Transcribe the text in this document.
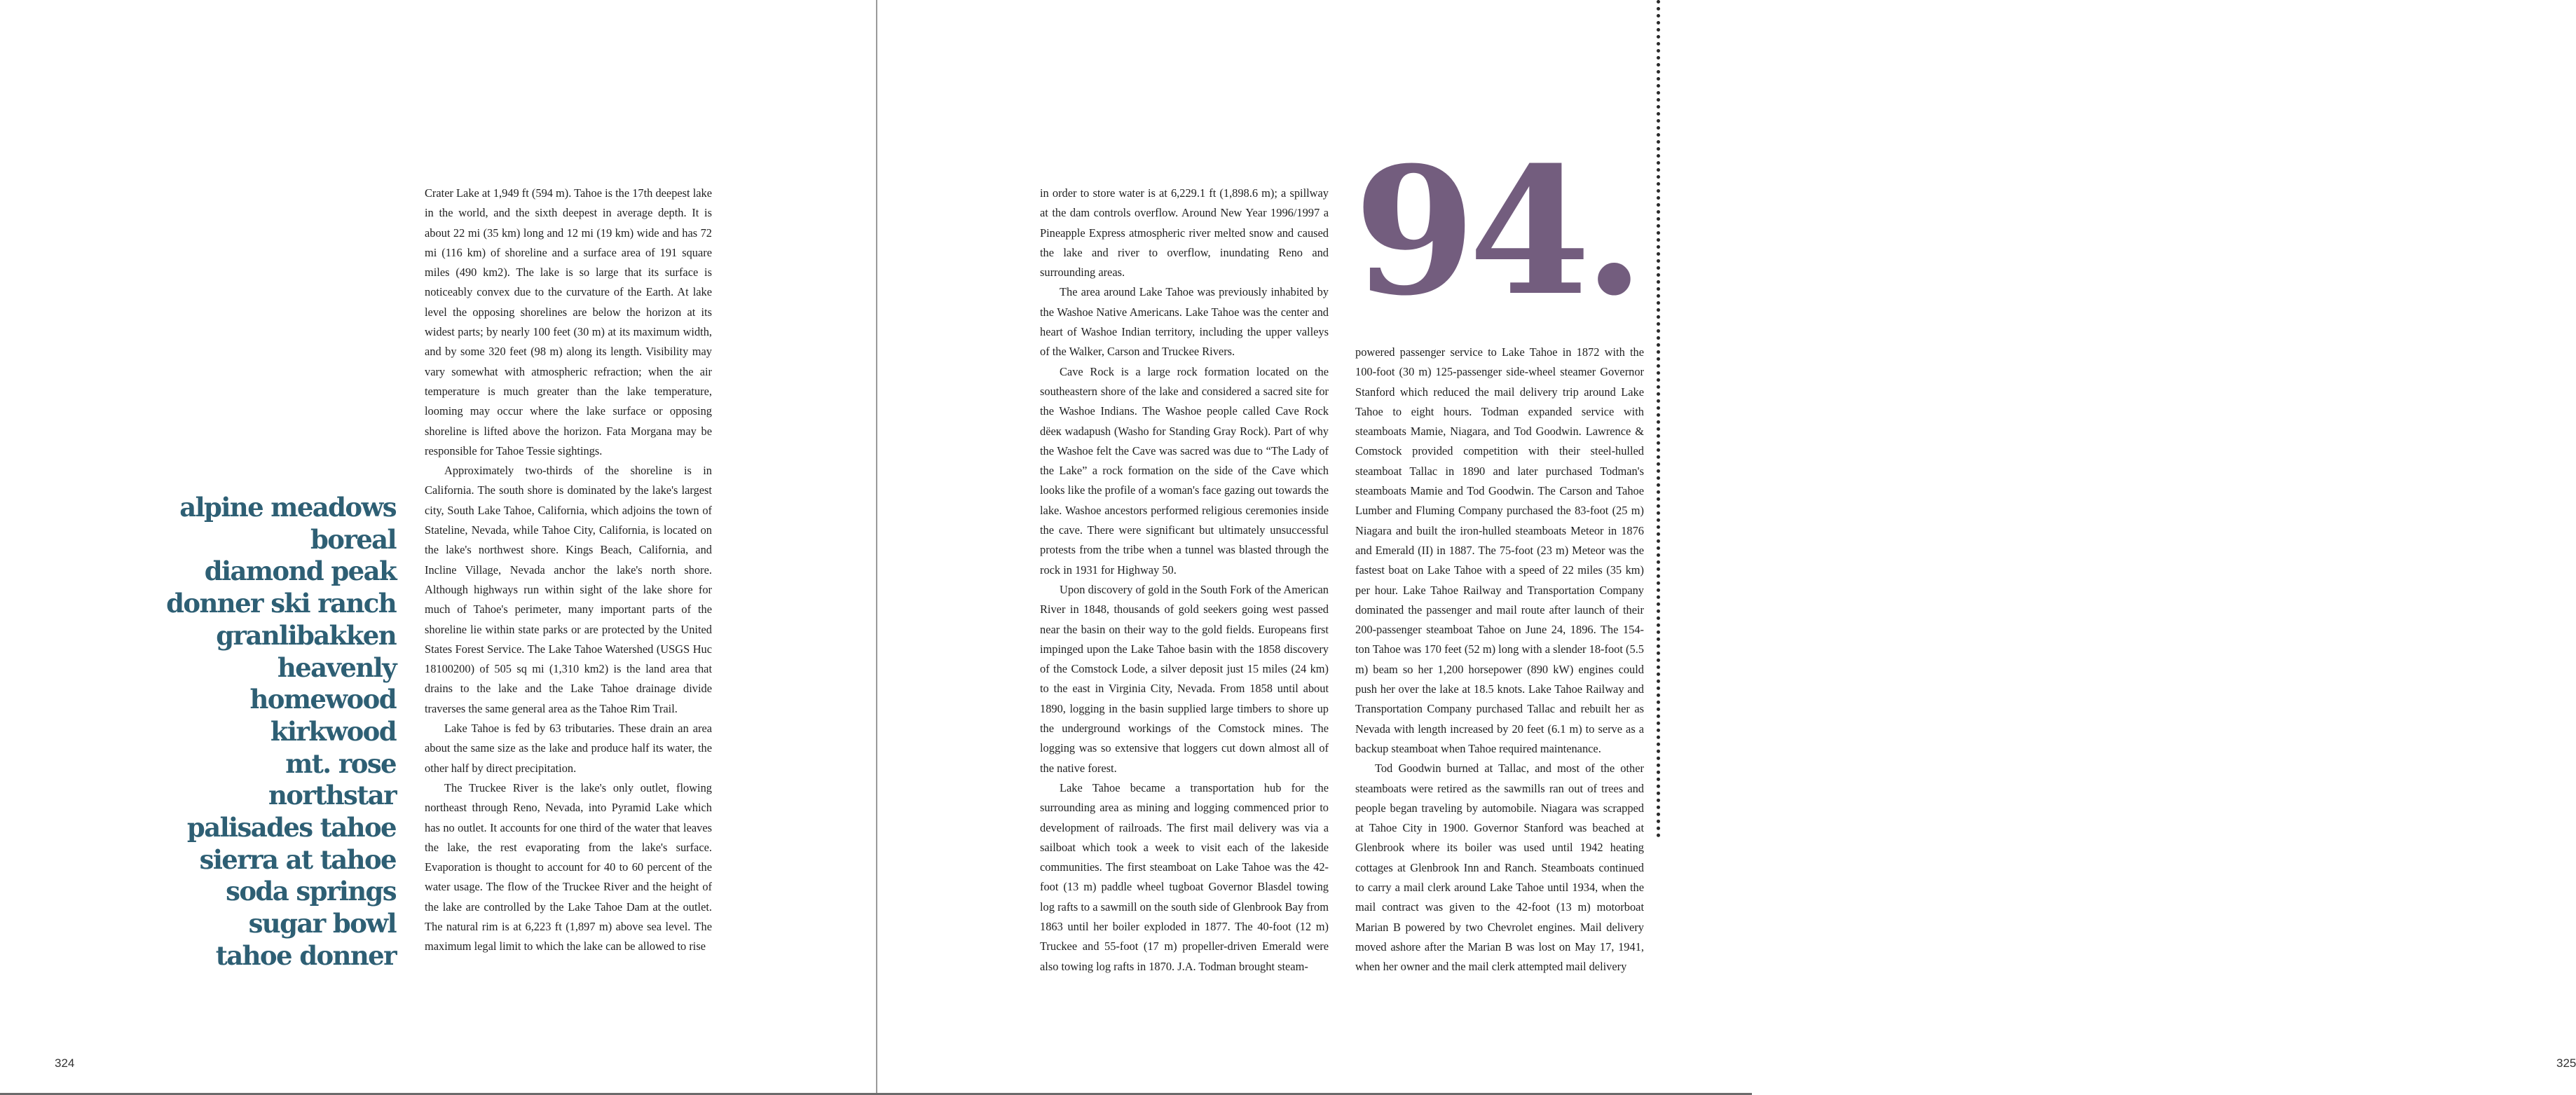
alpine meadows
boreal
diamond peak
donner ski ranch
granlibakken
heavenly
homewood
kirkwood
mt. rose
northstar
palisades tahoe
sierra at tahoe
soda springs
sugar bowl
tahoe donner

Crater Lake at 1,949 ft (594 m). Tahoe is the 17th deepest lake in the world, and the sixth deepest in average depth. It is about 22 mi (35 km) long and 12 mi (19 km) wide and has 72 mi (116 km) of shoreline and a surface area of 191 square miles (490 km2). The lake is so large that its surface is noticeably convex due to the curvature of the Earth. At lake level the opposing shorelines are below the horizon at its widest parts; by nearly 100 feet (30 m) at its maximum width, and by some 320 feet (98 m) along its length. Visibility may vary somewhat with atmospheric refraction; when the air temperature is much greater than the lake temperature, looming may occur where the lake surface or opposing shoreline is lifted above the horizon. Fata Morgana may be responsible for Tahoe Tessie sightings.

Approximately two-thirds of the shoreline is in California. The south shore is dominated by the lake's largest city, South Lake Tahoe, California, which adjoins the town of Stateline, Nevada, while Tahoe City, California, is located on the lake's northwest shore. Kings Beach, California, and Incline Village, Nevada anchor the lake's north shore. Although highways run within sight of the lake shore for much of Tahoe's perimeter, many important parts of the shoreline lie within state parks or are protected by the United States Forest Service. The Lake Tahoe Watershed (USGS Huc 18100200) of 505 sq mi (1,310 km2) is the land area that drains to the lake and the Lake Tahoe drainage divide traverses the same general area as the Tahoe Rim Trail.

Lake Tahoe is fed by 63 tributaries. These drain an area about the same size as the lake and produce half its water, the other half by direct precipitation.

The Truckee River is the lake's only outlet, flowing northeast through Reno, Nevada, into Pyramid Lake which has no outlet. It accounts for one third of the water that leaves the lake, the rest evaporating from the lake's surface. Evaporation is thought to account for 40 to 60 percent of the water usage. The flow of the Truckee River and the height of the lake are controlled by the Lake Tahoe Dam at the outlet. The natural rim is at 6,223 ft (1,897 m) above sea level. The maximum legal limit to which the lake can be allowed to rise

324	325

in order to store water is at 6,229.1 ft (1,898.6 m); a spillway at the dam controls overflow. Around New Year 1996/1997 a Pineapple Express atmospheric river melted snow and caused the lake and river to overflow, inundating Reno and surrounding areas.

The area around Lake Tahoe was previously inhabited by the Washoe Native Americans. Lake Tahoe was the center and heart of Washoe Indian territory, including the upper valleys of the Walker, Carson and Truckee Rivers.

Cave Rock is a large rock formation located on the southeastern shore of the lake and considered a sacred site for the Washoe Indians. The Washoe people called Cave Rock dëeк wadapush (Washo for Standing Gray Rock). Part of why the Washoe felt the Cave was sacred was due to “The Lady of the Lake” a rock formation on the side of the Cave which looks like the profile of a woman's face gazing out towards the lake. Washoe ancestors performed religious ceremonies inside the cave. There were significant but ultimately unsuccessful protests from the tribe when a tunnel was blasted through the rock in 1931 for Highway 50.

Upon discovery of gold in the South Fork of the American River in 1848, thousands of gold seekers going west passed near the basin on their way to the gold fields. Europeans first impinged upon the Lake Tahoe basin with the 1858 discovery of the Comstock Lode, a silver deposit just 15 miles (24 km) to the east in Virginia City, Nevada. From 1858 until about 1890, logging in the basin supplied large timbers to shore up the underground workings of the Comstock mines. The logging was so extensive that loggers cut down almost all of the native forest.

Lake Tahoe became a transportation hub for the surrounding area as mining and logging commenced prior to development of railroads. The first mail delivery was via a sailboat which took a week to visit each of the lakeside communities. The first steamboat on Lake Tahoe was the 42-foot (13 m) paddle wheel tugboat Governor Blasdel towing log rafts to a sawmill on the south side of Glenbrook Bay from 1863 until her boiler exploded in 1877. The 40-foot (12 m) Truckee and 55-foot (17 m) propeller-driven Emerald were also towing log rafts in 1870. J.A. Todman brought steam-

94.

powered passenger service to Lake Tahoe in 1872 with the 100-foot (30 m) 125-passenger side-wheel steamer Governor Stanford which reduced the mail delivery trip around Lake Tahoe to eight hours. Todman expanded service with steamboats Mamie, Niagara, and Tod Goodwin. Lawrence & Comstock provided competition with their steel-hulled steamboat Tallac in 1890 and later purchased Todman's steamboats Mamie and Tod Goodwin. The Carson and Tahoe Lumber and Fluming Company purchased the 83-foot (25 m) Niagara and built the iron-hulled steamboats Meteor in 1876 and Emerald (II) in 1887. The 75-foot (23 m) Meteor was the fastest boat on Lake Tahoe with a speed of 22 miles (35 km) per hour. Lake Tahoe Railway and Transportation Company dominated the passenger and mail route after launch of their 200-passenger steamboat Tahoe on June 24, 1896. The 154-ton Tahoe was 170 feet (52 m) long with a slender 18-foot (5.5 m) beam so her 1,200 horsepower (890 kW) engines could push her over the lake at 18.5 knots. Lake Tahoe Railway and Transportation Company purchased Tallac and rebuilt her as Nevada with length increased by 20 feet (6.1 m) to serve as a backup steamboat when Tahoe required maintenance.

Tod Goodwin burned at Tallac, and most of the other steamboats were retired as the sawmills ran out of trees and people began traveling by automobile. Niagara was scrapped at Tahoe City in 1900. Governor Stanford was beached at Glenbrook where its boiler was used until 1942 heating cottages at Glenbrook Inn and Ranch. Steamboats continued to carry a mail clerk around Lake Tahoe until 1934, when the mail contract was given to the 42-foot (13 m) motorboat Marian B powered by two Chevrolet engines. Mail delivery moved ashore after the Marian B was lost on May 17, 1941, when her owner and the mail clerk attempted mail delivery
